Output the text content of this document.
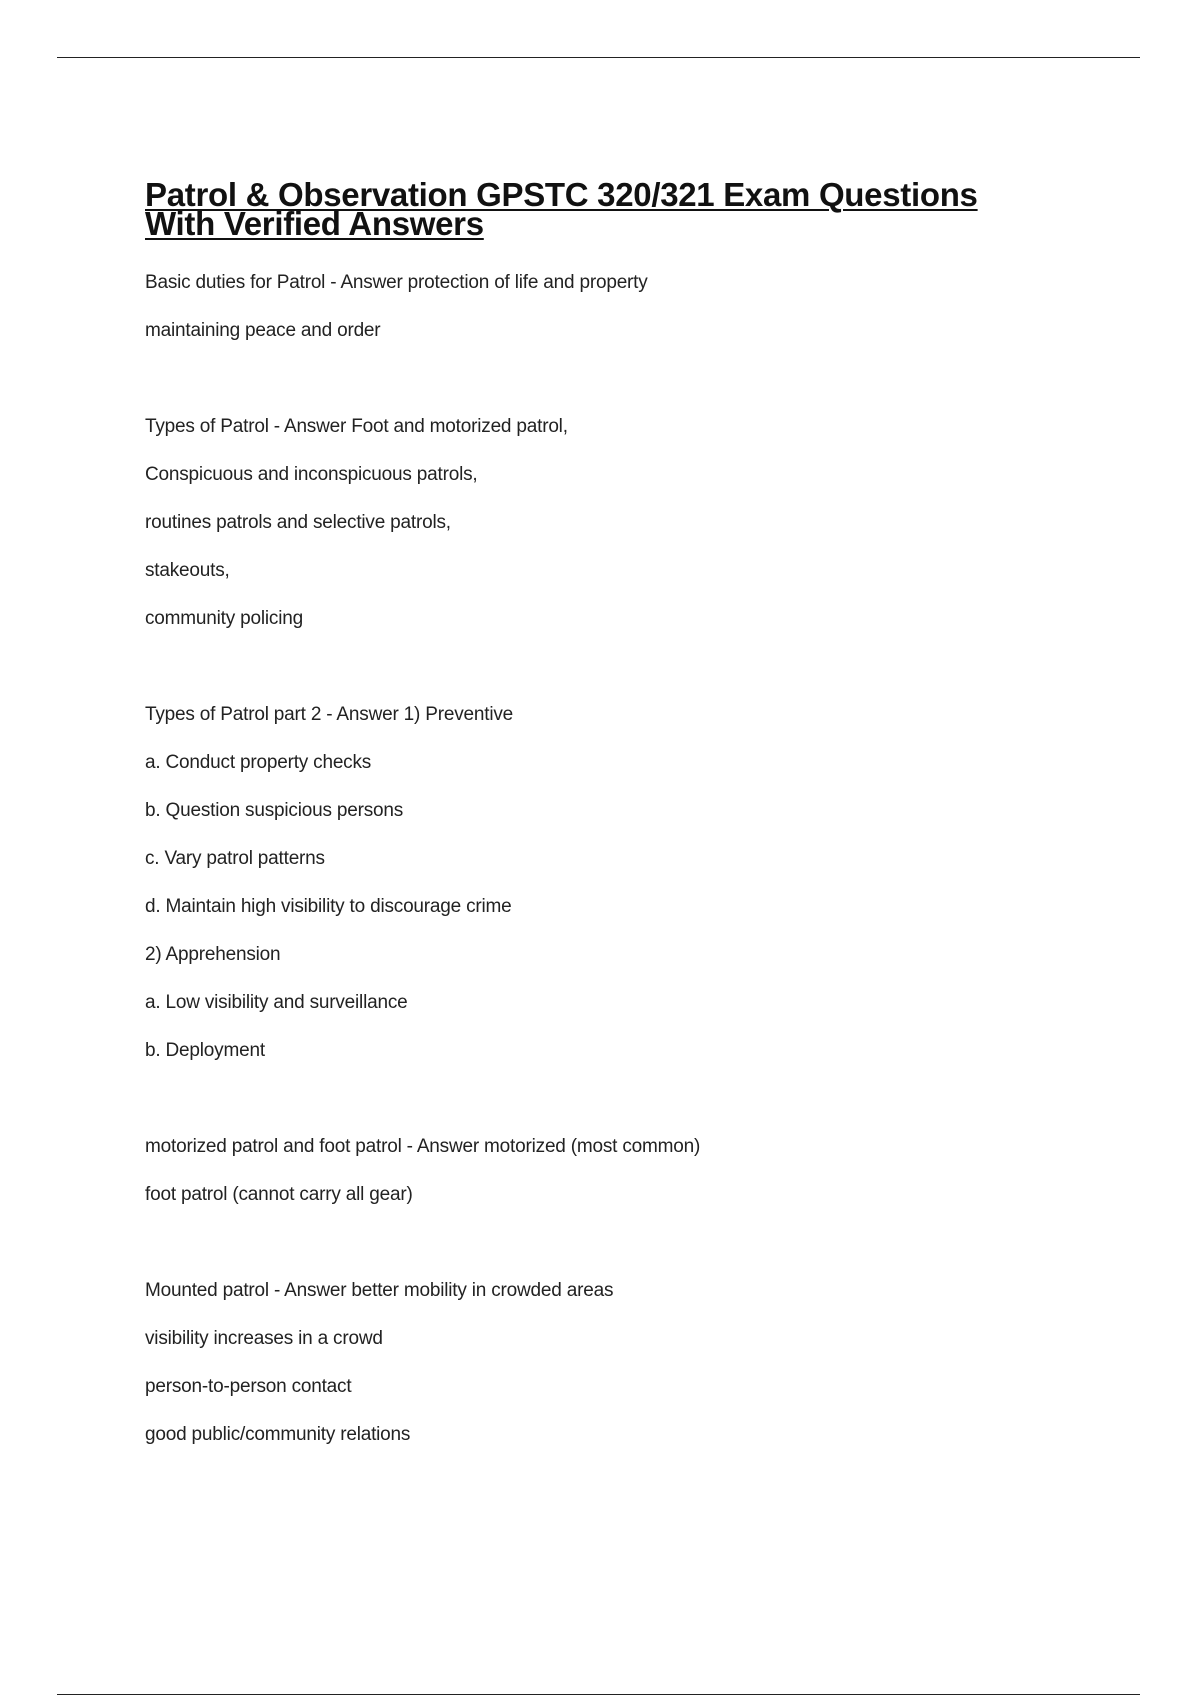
Patrol & Observation GPSTC 320/321 Exam Questions
With Verified Answers
Basic duties for Patrol - Answer protection of life and property
maintaining peace and order
Types of Patrol - Answer Foot and motorized patrol,
Conspicuous and inconspicuous patrols,
routines patrols and selective patrols,
stakeouts,
community policing
Types of Patrol part 2 - Answer 1) Preventive
a. Conduct property checks
b. Question suspicious persons
c. Vary patrol patterns
d. Maintain high visibility to discourage crime
2) Apprehension
a. Low visibility and surveillance
b. Deployment
motorized patrol and foot patrol - Answer motorized (most common)
foot patrol (cannot carry all gear)
Mounted patrol - Answer better mobility in crowded areas
visibility increases in a crowd
person-to-person contact
good public/community relations
